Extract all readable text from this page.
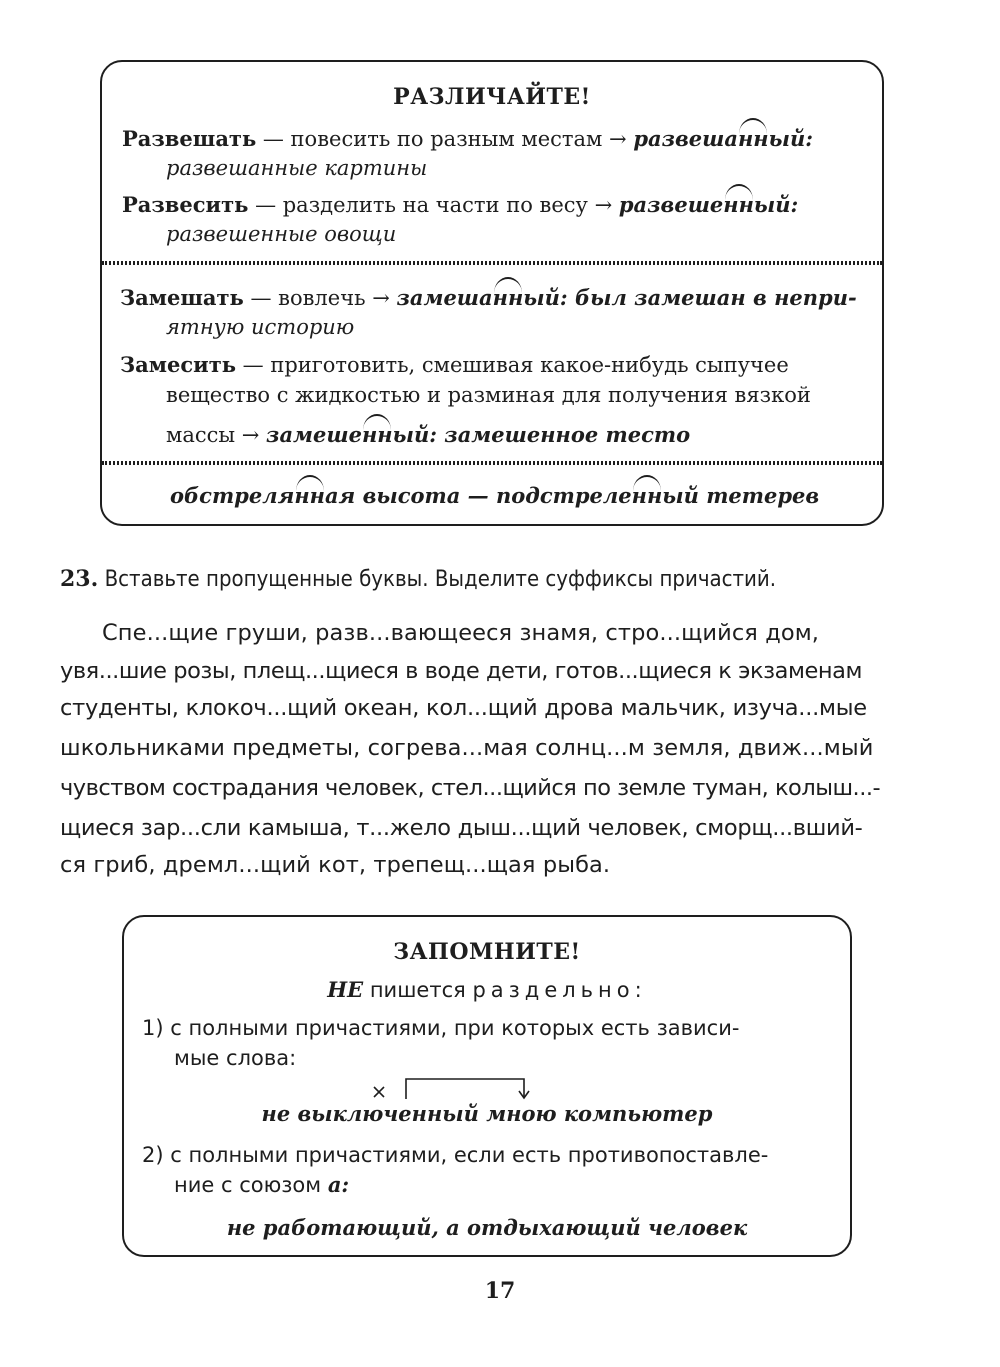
РАЗЛИЧАЙТЕ!
Развешать — повесить по разным местам → развешанный:
развешанные картины
Развесить — разделить на части по весу → развешенный:
развешенные овощи
Замешать — вовлечь → замешанный: был замешан в непри-
ятную историю
Замесить — приготовить, смешивая какое-нибудь сыпучее
вещество с жидкостью и разминая для получения вязкой
массы → замешенный: замешенное тесто
обстрелянная высота — подстреленный тетерев
23. Вставьте пропущенные буквы. Выделите суффиксы причастий.
Спе...щие груши, разв...вающееся знамя, стро...щийся дом,
увя...шие розы, плещ...щиеся в воде дети, готов...щиеся к экзаменам
студенты, клокоч...щий океан, кол...щий дрова мальчик, изуча...мые
школьниками предметы, согрева...мая солнц...м земля, движ...мый
чувством сострадания человек, стел...щийся по земле туман, колыш...-
щиеся зар...сли камыша, т...жело дыш...щий человек, сморщ...вший-
ся гриб, дремл...щий кот, трепещ...щая рыба.
ЗАПОМНИТЕ!
НЕ пишется раздельно:
1) с полными причастиями, при которых есть зависи-
мые слова:
не выключенный мною компьютер
2) с полными причастиями, если есть противопоставле-
ние с союзом а:
не работающий, а отдыхающий человек
17
